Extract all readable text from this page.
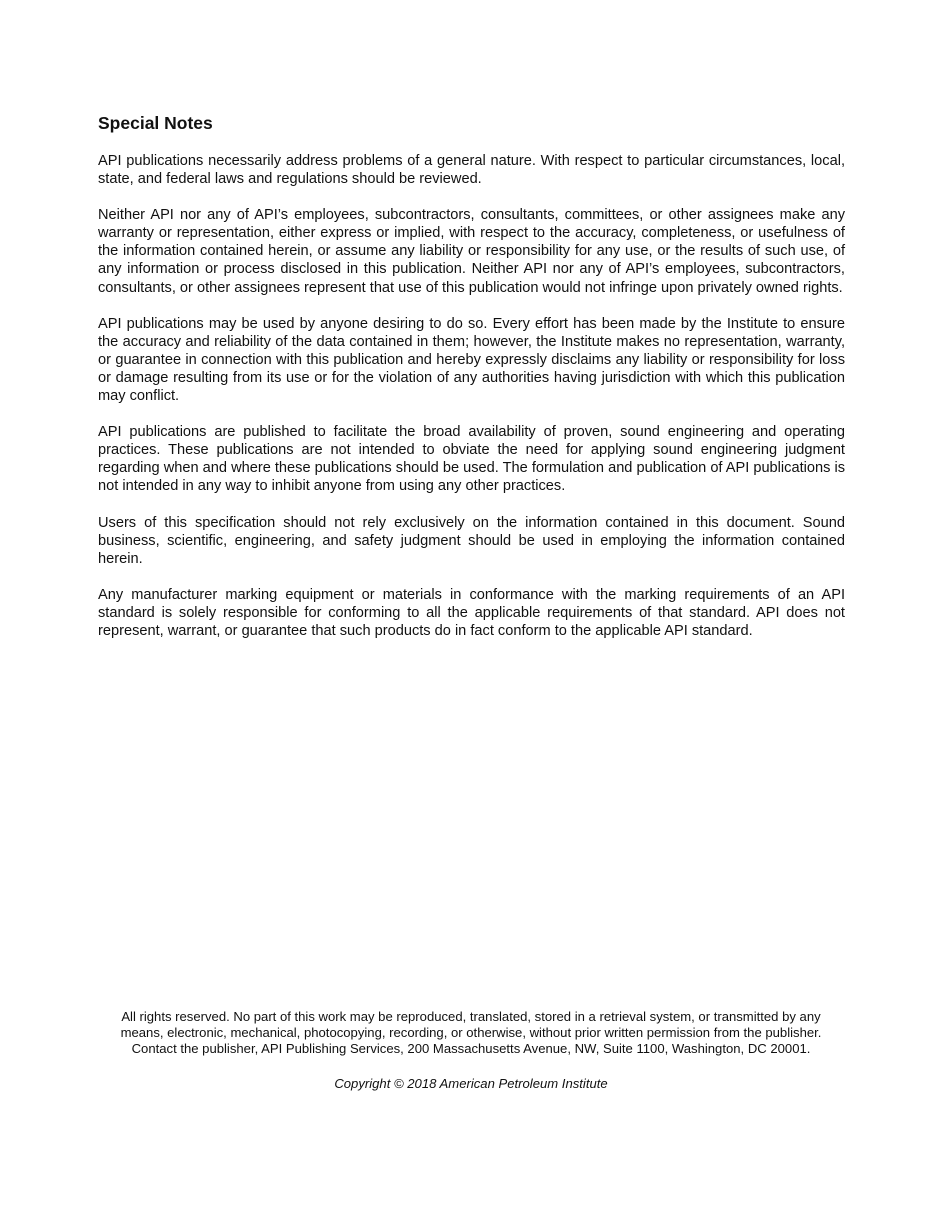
Special Notes

API publications necessarily address problems of a general nature. With respect to particular circumstances, local, state, and federal laws and regulations should be reviewed.

Neither API nor any of API’s employees, subcontractors, consultants, committees, or other assignees make any warranty or representation, either express or implied, with respect to the accuracy, completeness, or usefulness of the information contained herein, or assume any liability or responsibility for any use, or the results of such use, of any information or process disclosed in this publication. Neither API nor any of API’s employees, subcontractors, consultants, or other assignees represent that use of this publication would not infringe upon privately owned rights.

API publications may be used by anyone desiring to do so. Every effort has been made by the Institute to ensure the accuracy and reliability of the data contained in them; however, the Institute makes no representation, warranty, or guarantee in connection with this publication and hereby expressly disclaims any liability or responsibility for loss or damage resulting from its use or for the violation of any authorities having jurisdiction with which this publication may conflict.

API publications are published to facilitate the broad availability of proven, sound engineering and operating practices. These publications are not intended to obviate the need for applying sound engineering judgment regarding when and where these publications should be used. The formulation and publication of API publications is not intended in any way to inhibit anyone from using any other practices.

Users of this specification should not rely exclusively on the information contained in this document. Sound business, scientific, engineering, and safety judgment should be used in employing the information contained herein.

Any manufacturer marking equipment or materials in conformance with the marking requirements of an API standard is solely responsible for conforming to all the applicable requirements of that standard. API does not represent, warrant, or guarantee that such products do in fact conform to the applicable API standard.

All rights reserved. No part of this work may be reproduced, translated, stored in a retrieval system, or transmitted by any means, electronic, mechanical, photocopying, recording, or otherwise, without prior written permission from the publisher. Contact the publisher, API Publishing Services, 200 Massachusetts Avenue, NW, Suite 1100, Washington, DC 20001.

Copyright © 2018 American Petroleum Institute
